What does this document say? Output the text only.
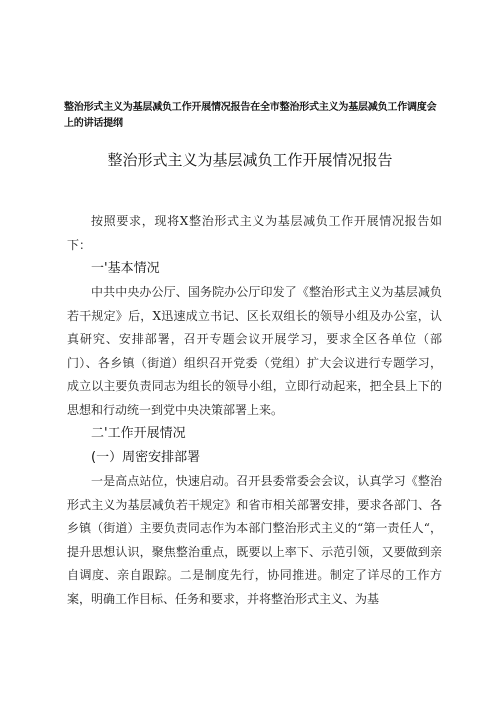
整治形式主义为基层减负工作开展情况报告在全市整治形式主义为基层减负工作调度会上的讲话提纲
整治形式主义为基层减负工作开展情况报告

按照要求，现将X整治形式主义为基层减负工作开展情况报告如下：

一'基本情况

中共中央办公厅、国务院办公厅印发了《整治形式主义为基层减负若干规定》后，X迅速成立书记、区长双组长的领导小组及办公室，认真研究、安排部署，召开专题会议开展学习，要求全区各单位（部门）、各乡镇（街道）组织召开党委（党组）扩大会议进行专题学习，成立以主要负责同志为组长的领导小组，立即行动起来，把全县上下的思想和行动统一到党中央决策部署上来。

二'工作开展情况

(一）周密安排部署

一是高点站位，快速启动。召开县委常委会会议，认真学习《整治形式主义为基层减负若干规定》和省市相关部署安排，要求各部门、各乡镇（街道）主要负责同志作为本部门整治形式主义的“第一责任人“，提升思想认识，聚焦整治重点，既要以上率下、示范引领，又要做到亲自调度、亲自跟踪。二是制度先行，协同推进。制定了详尽的工作方案，明确工作目标、任务和要求，并将整治形式主义、为基
